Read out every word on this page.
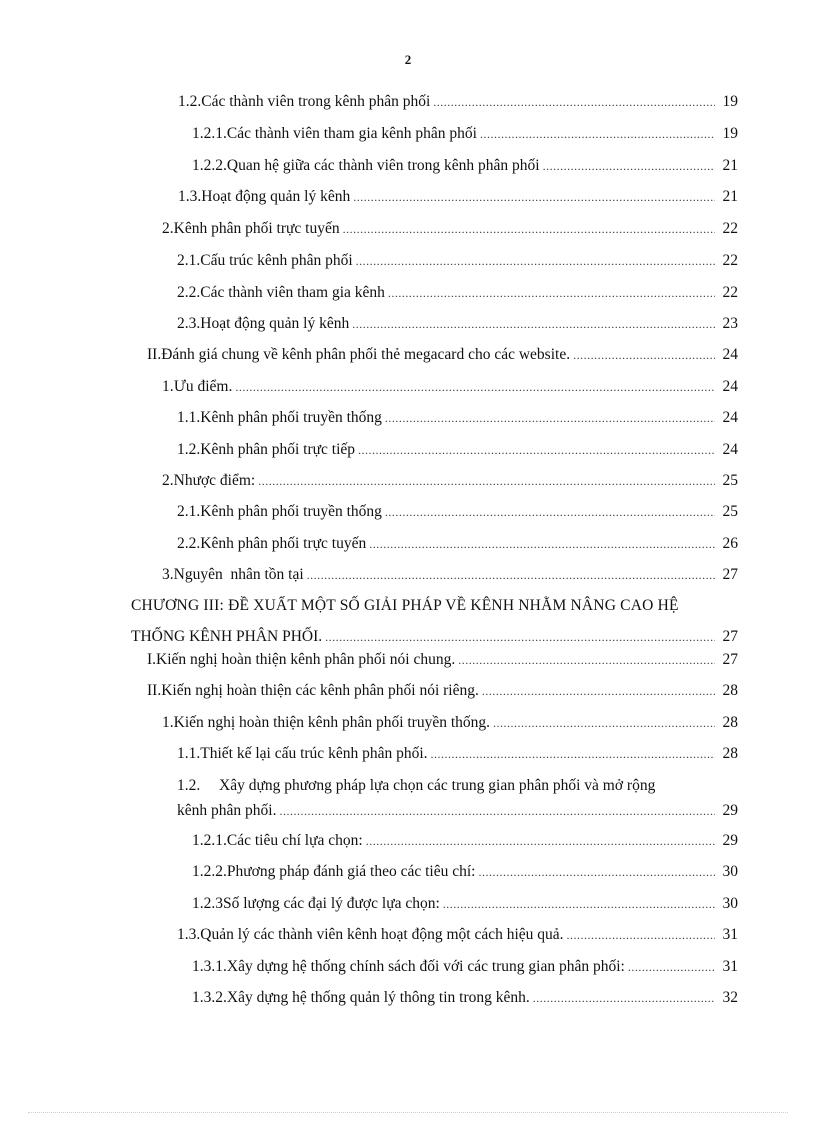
2
1.2. Các thành viên trong kênh phân phối .....	19
1.2.1. Các thành viên tham gia kênh phân phối .....	19
1.2.2. Quan hệ giữa các thành viên trong kênh phân phối .....	21
1.3. Hoạt động quản lý kênh .....	21
2. Kênh phân phối trực tuyến .....	22
2.1. Cấu trúc kênh phân phối .....	22
2.2. Các thành viên tham gia kênh .....	22
2.3. Hoạt động quản lý kênh .....	23
II. Đánh giá chung về kênh phân phối thẻ megacard cho các website. .....	24
1. Ưu điểm. .....	24
1.1. Kênh phân phối truyền thống .....	24
1.2. Kênh phân phối trực tiếp .....	24
2. Nhược điểm: .....	25
2.1. Kênh phân phối truyền thống .....	25
2.2. Kênh phân phối trực tuyến .....	26
3. Nguyên  nhân tồn tại .....	27
CHƯƠNG III: ĐỀ XUẤT MỘT SỐ GIẢI PHÁP VỀ KÊNH NHẰM NÂNG CAO HỆ
THỐNG KÊNH PHÂN PHỐI. .....	27
I. Kiến nghị hoàn thiện kênh phân phối nói chung. .....	27
II. Kiến nghị hoàn thiện các kênh phân phối nói riêng. .....	28
1. Kiến nghị hoàn thiện kênh phân phối truyền thống. .....	28
1.1. Thiết kế lại cấu trúc kênh phân phối. .....	28
1.2. Xây dựng phương pháp lựa chọn các trung gian phân phối và mở rộng
kênh phân phối. .....	29
1.2.1. Các tiêu chí lựa chọn: .....	29
1.2.2. Phương pháp đánh giá theo các tiêu chí: .....	30
1.2.3 Số lượng các đại lý được lựa chọn: .....	30
1.3. Quản lý các thành viên kênh hoạt động một cách hiệu quả. .....	31
1.3.1. Xây dựng hệ thống chính sách đối với các trung gian phân phối: .....	31
1.3.2. Xây dựng hệ thống quản lý thông tin trong kênh. .....	32
